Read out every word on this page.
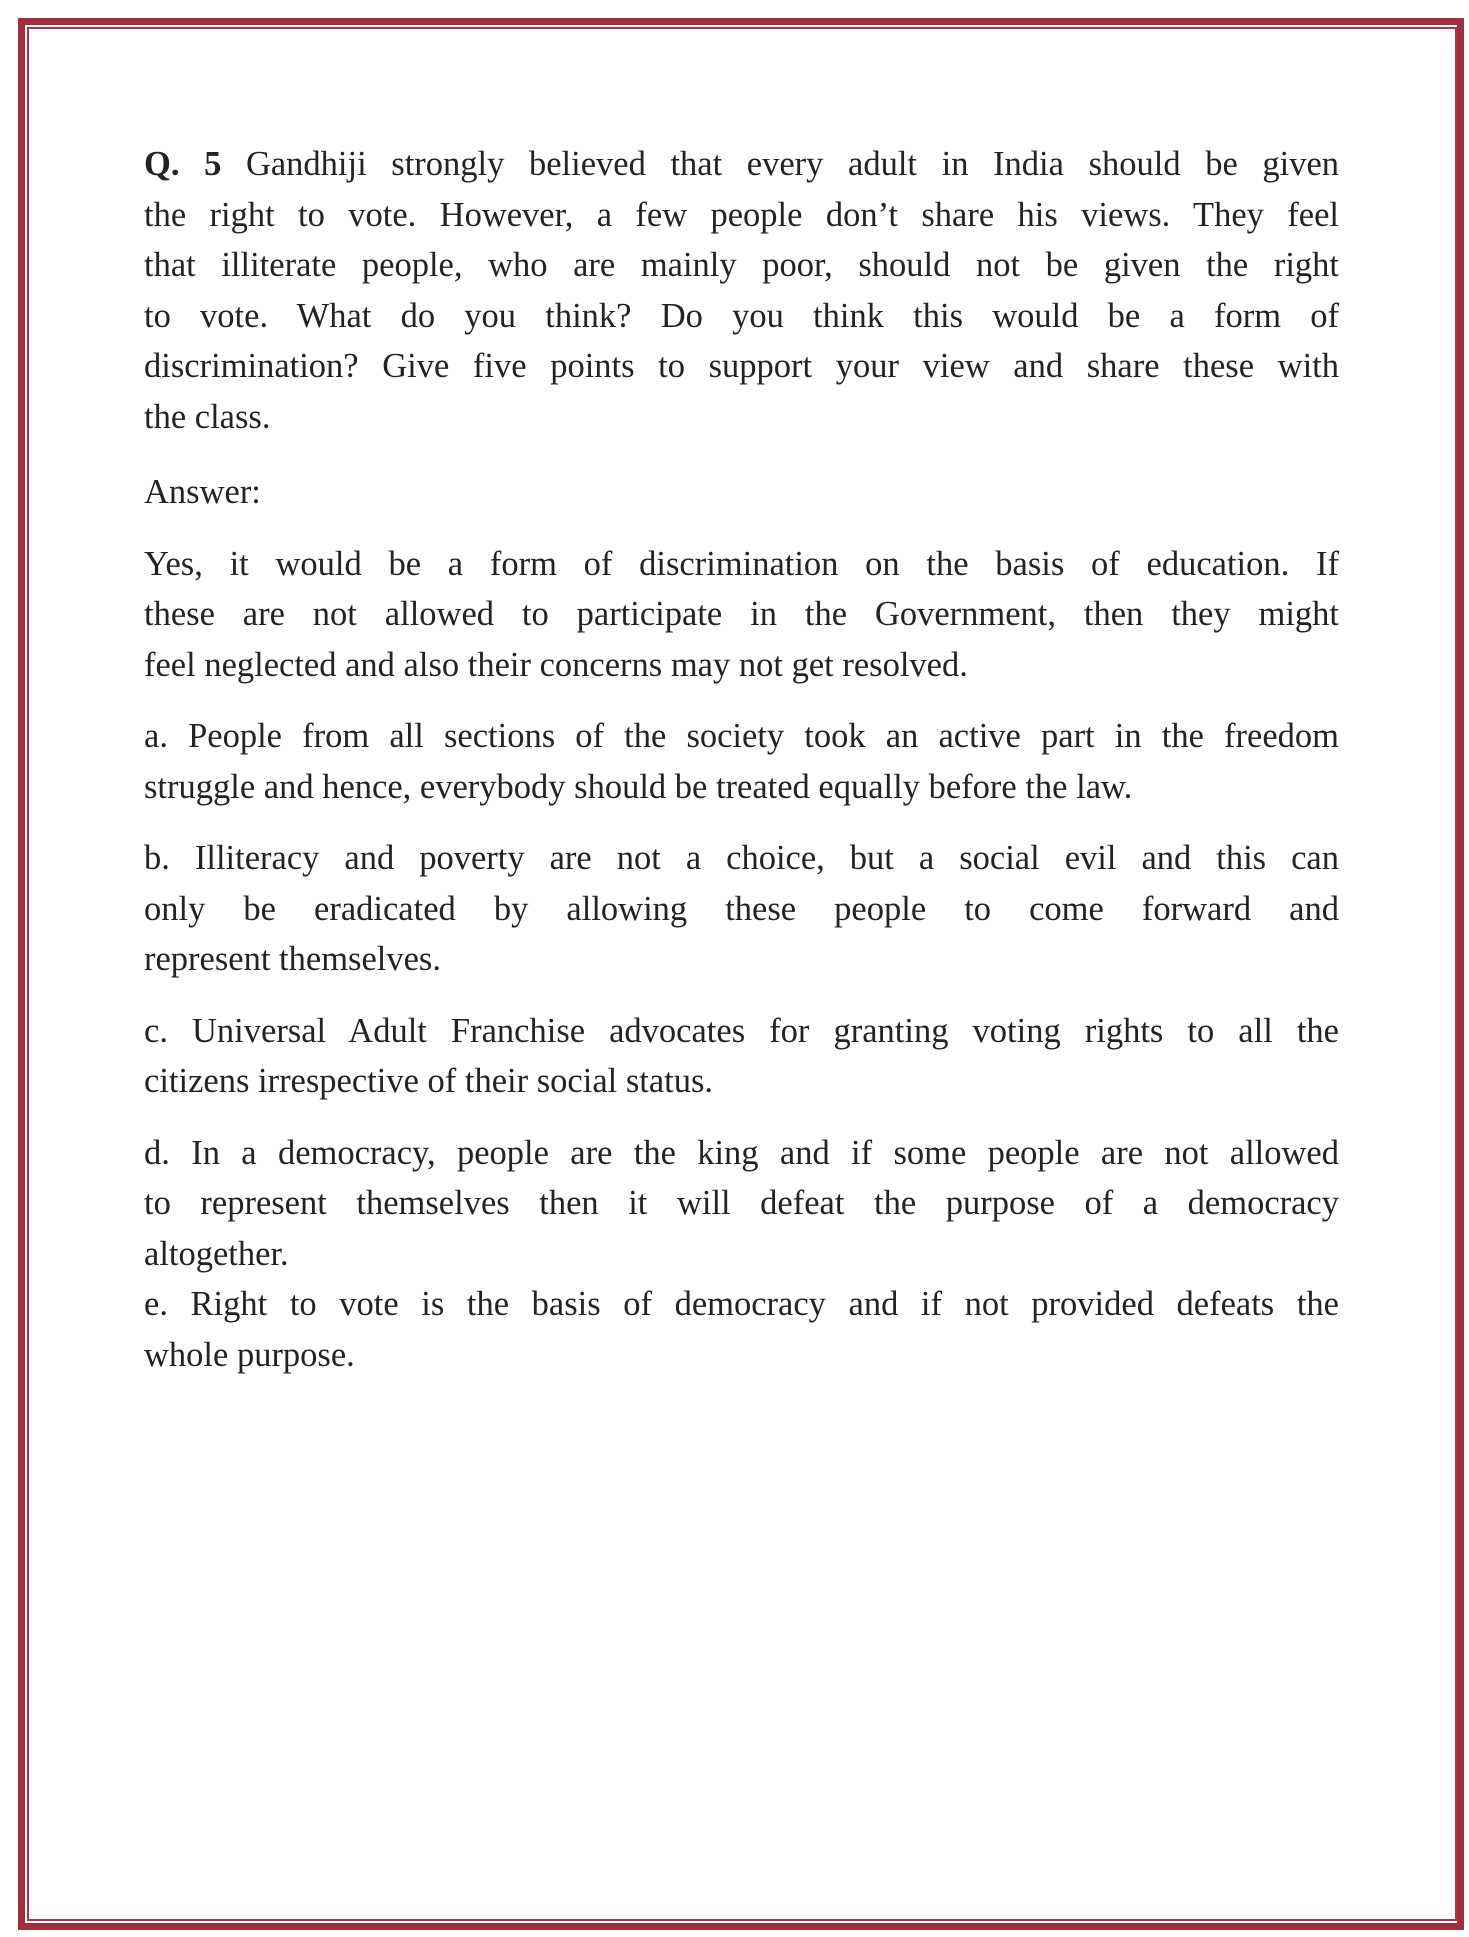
Q. 5 Gandhiji strongly believed that every adult in India should be given
the right to vote. However, a few people don’t share his views. They feel
that illiterate people, who are mainly poor, should not be given the right
to vote. What do you think? Do you think this would be a form of
discrimination? Give five points to support your view and share these with
the class.

Answer:

Yes, it would be a form of discrimination on the basis of education. If
these are not allowed to participate in the Government, then they might
feel neglected and also their concerns may not get resolved.

a. People from all sections of the society took an active part in the freedom
struggle and hence, everybody should be treated equally before the law.

b. Illiteracy and poverty are not a choice, but a social evil and this can
only be eradicated by allowing these people to come forward and
represent themselves.

c. Universal Adult Franchise advocates for granting voting rights to all the
citizens irrespective of their social status.

d. In a democracy, people are the king and if some people are not allowed
to represent themselves then it will defeat the purpose of a democracy
altogether.

e. Right to vote is the basis of democracy and if not provided defeats the
whole purpose.
